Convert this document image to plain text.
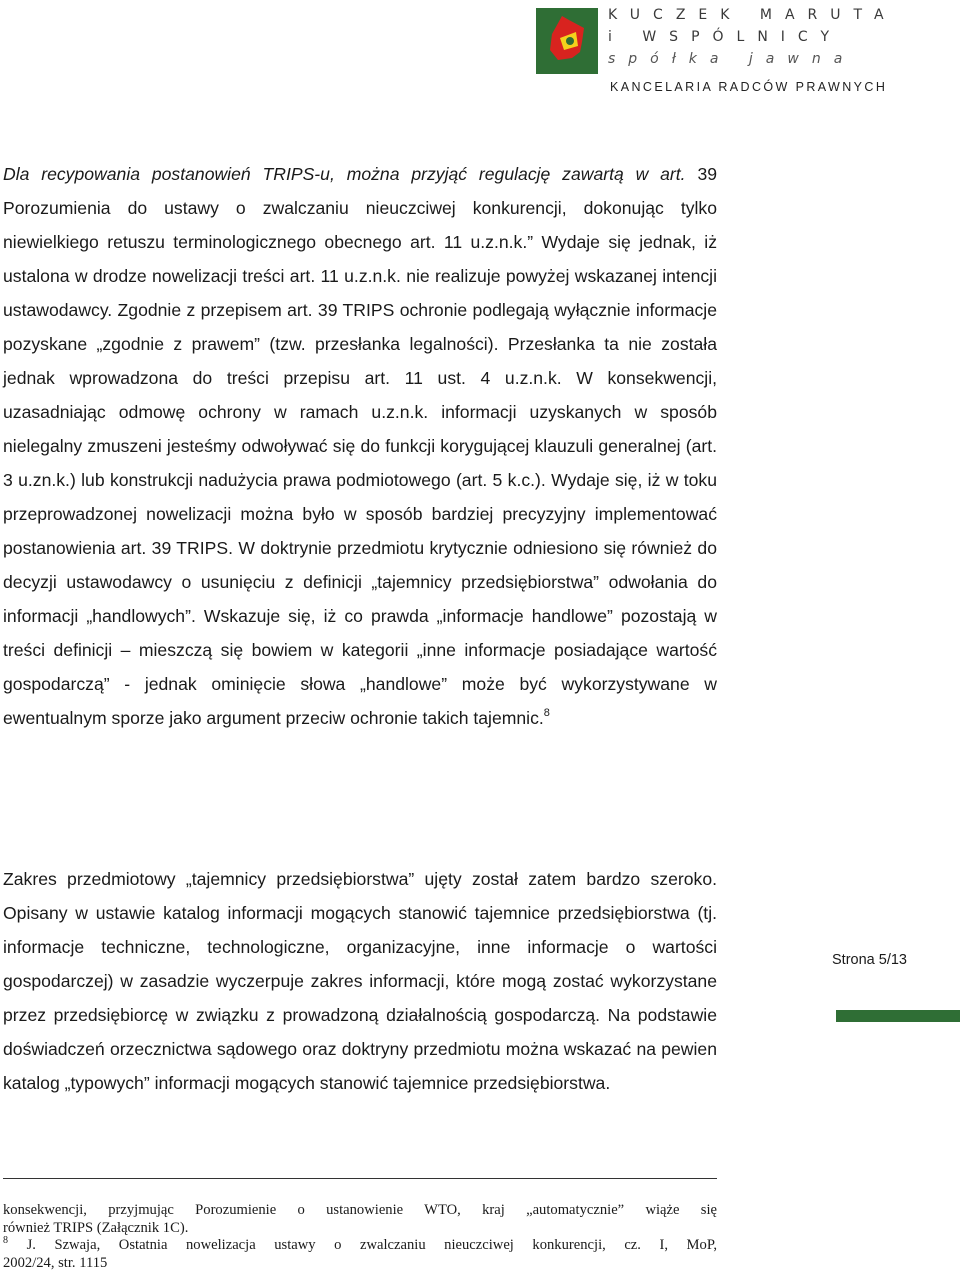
KUCZEK MARUTA
i WSPÓLNICY
spółka jawna
KANCELARIA RADCÓW PRAWNYCH

Dla recypowania postanowień TRIPS-u, można przyjąć regulację zawartą w art. 39 Porozumienia do ustawy o zwalczaniu nieuczciwej konkurencji, dokonując tylko niewielkiego retuszu terminologicznego obecnego art. 11 u.z.n.k.” Wydaje się jednak, iż ustalona w drodze nowelizacji treści art. 11 u.z.n.k. nie realizuje powyżej wskazanej intencji ustawodawcy. Zgodnie z przepisem art. 39 TRIPS ochronie podlegają wyłącznie informacje pozyskane „zgodnie z prawem” (tzw. przesłanka legalności). Przesłanka ta nie została jednak wprowadzona do treści przepisu art. 11 ust. 4 u.z.n.k. W konsekwencji, uzasadniając odmowę ochrony w ramach u.z.n.k. informacji uzyskanych w sposób nielegalny zmuszeni jesteśmy odwoływać się do funkcji korygującej klauzuli generalnej (art. 3 u.zn.k.) lub konstrukcji nadużycia prawa podmiotowego (art. 5 k.c.). Wydaje się, iż w toku przeprowadzonej nowelizacji można było w sposób bardziej precyzyjny implementować postanowienia art. 39 TRIPS. W doktrynie przedmiotu krytycznie odniesiono się również do decyzji ustawodawcy o usunięciu z definicji „tajemnicy przedsiębiorstwa” odwołania do informacji „handlowych”. Wskazuje się, iż co prawda „informacje handlowe” pozostają w treści definicji – mieszczą się bowiem w kategorii „inne informacje posiadające wartość gospodarczą” - jednak ominięcie słowa „handlowe” może być wykorzystywane w ewentualnym sporze jako argument przeciw ochronie takich tajemnic.$^8$

Zakres przedmiotowy „tajemnicy przedsiębiorstwa” ujęty został zatem bardzo szeroko. Opisany w ustawie katalog informacji mogących stanowić tajemnice przedsiębiorstwa (tj. informacje techniczne, technologiczne, organizacyjne, inne informacje o wartości gospodarczej) w zasadzie wyczerpuje zakres informacji, które mogą zostać wykorzystane przez przedsiębiorcę w związku z prowadzoną działalnością gospodarczą. Na podstawie doświadczeń orzecznictwa sądowego oraz doktryny przedmiotu można wskazać na pewien katalog „typowych” informacji mogących stanowić tajemnice przedsiębiorstwa.

Strona 5/13
konsekwencji, przyjmując Porozumienie o ustanowienie WTO, kraj „automatycznie” wiąże się
również TRIPS (Załącznik 1C).
$^8$ J. Szwaja, Ostatnia nowelizacja ustawy o zwalczaniu nieuczciwej konkurencji, cz. I, MoP,
2002/24, str. 1115
